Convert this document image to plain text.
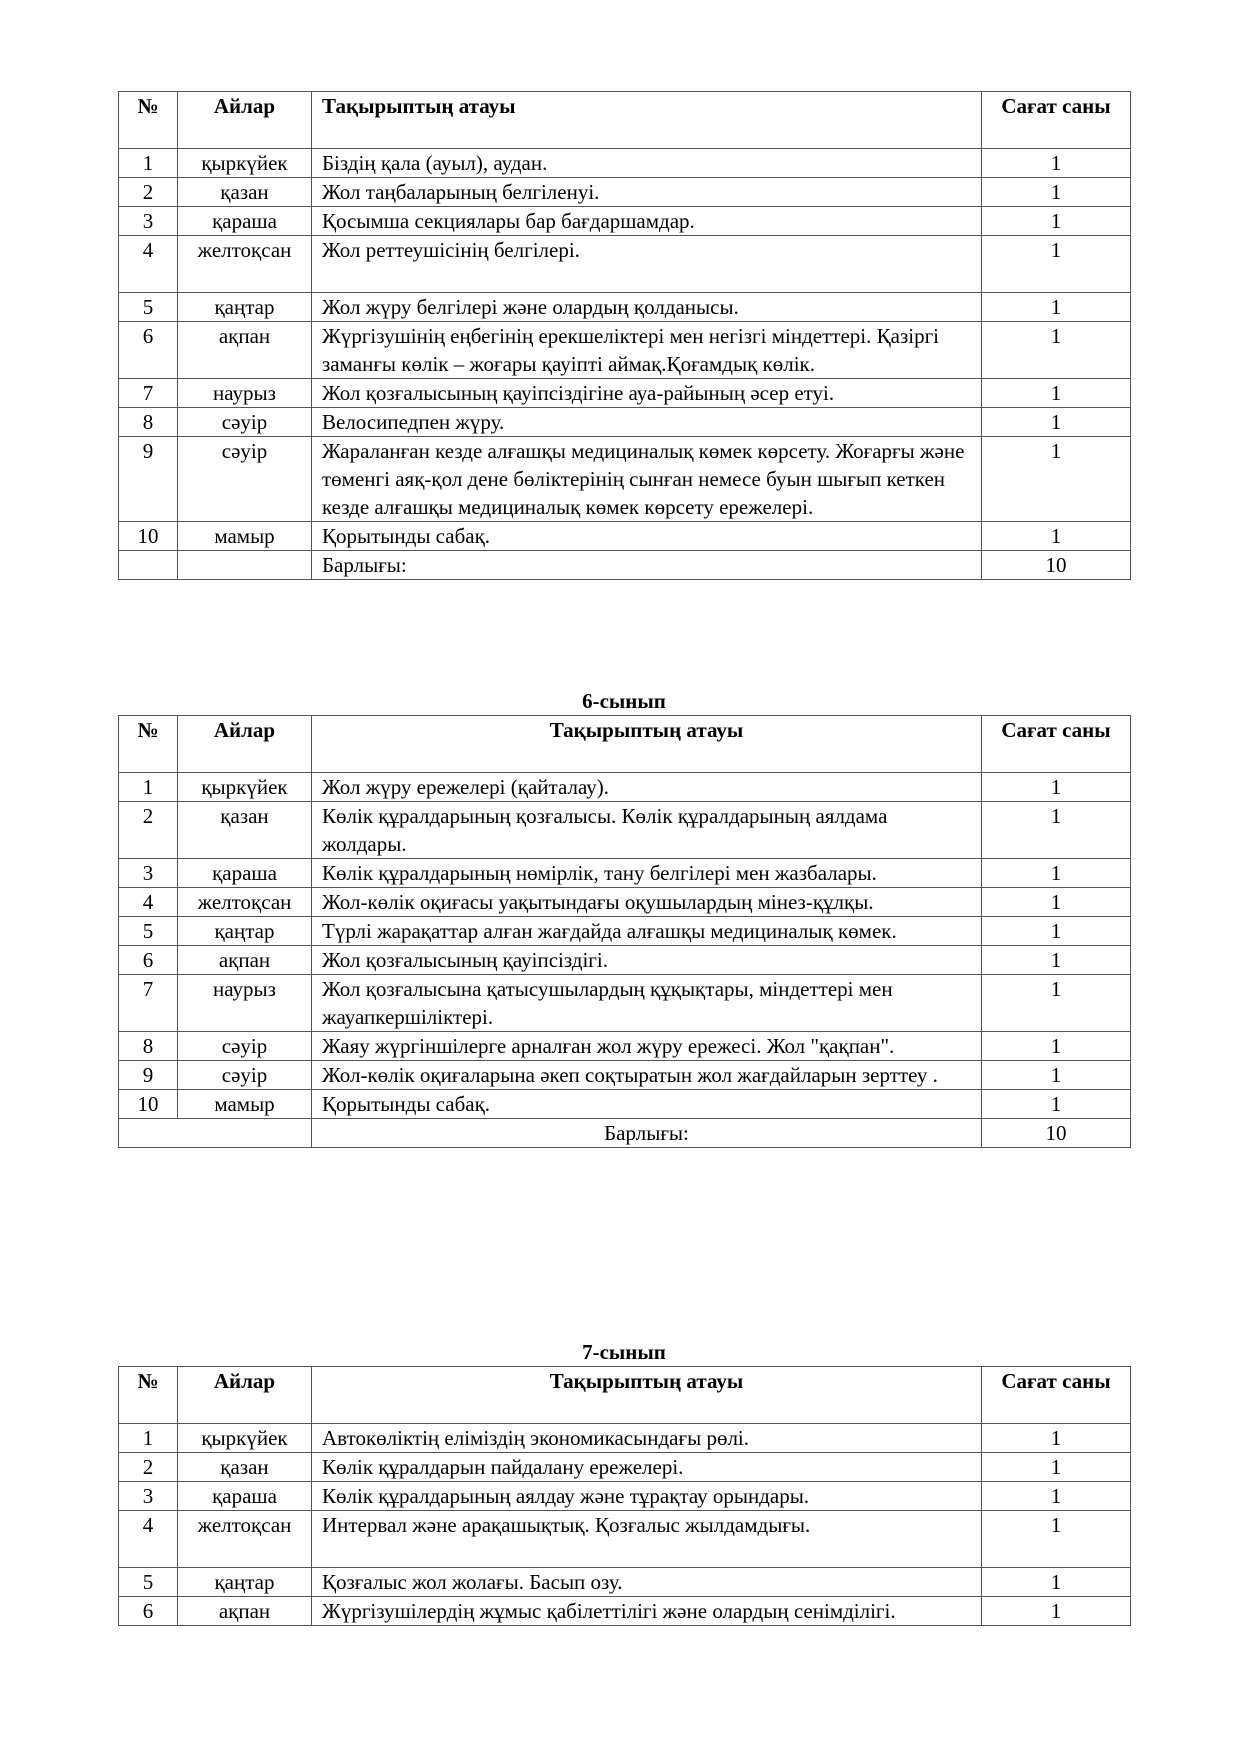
№	Айлар	Тақырыптың атауы	Сағат саны
1	қыркүйек	Біздің қала (ауыл), аудан.	1
2	қазан	Жол таңбаларының белгіленуі.	1
3	қараша	Қосымша секциялары бар бағдаршамдар.	1
4	желтоқсан	Жол реттеушісінің белгілері.	1
5	қаңтар	Жол жүру белгілері және олардың қолданысы.	1
6	ақпан	Жүргізушінің еңбегінің ерекшеліктері мен негізгі міндеттері. Қазіргі заманғы көлік – жоғары қауіпті аймақ.Қоғамдық көлік.	1
7	наурыз	Жол қозғалысының қауіпсіздігіне ауа-райының әсер етуі.	1
8	сәуір	Велосипедпен жүру.	1
9	сәуір	Жараланған кезде алғашқы медициналық көмек көрсету. Жоғарғы және төменгі аяқ-қол дене бөліктерінің сынған немесе буын шығып кеткен кезде алғашқы медициналық көмек көрсету ережелері.	1
10	мамыр	Қорытынды сабақ.	1
		Барлығы:	10
6-сынып
№	Айлар	Тақырыптың атауы	Сағат саны
1	қыркүйек	Жол жүру ережелері (қайталау).	1
2	қазан	Көлік құралдарының қозғалысы. Көлік құралдарының аялдама жолдары.	1
3	қараша	Көлік құралдарының нөмірлік, тану белгілері мен жазбалары.	1
4	желтоқсан	Жол-көлік оқиғасы уақытындағы оқушылардың мінез-құлқы.	1
5	қаңтар	Түрлі жарақаттар алған жағдайда алғашқы медициналық көмек.	1
6	ақпан	Жол қозғалысының қауіпсіздігі.	1
7	наурыз	Жол қозғалысына қатысушылардың құқықтары, міндеттері мен жауапкершіліктері.	1
8	сәуір	Жаяу жүргіншілерге арналған жол жүру ережесі. Жол "қақпан".	1
9	сәуір	Жол-көлік оқиғаларына әкеп соқтыратын жол жағдайларын зерттеу .	1
10	мамыр	Қорытынды сабақ.	1
		Барлығы:	10
7-сынып
№	Айлар	Тақырыптың атауы	Сағат саны
1	қыркүйек	Автокөліктің еліміздің экономикасындағы рөлі.	1
2	қазан	Көлік құралдарын пайдалану ережелері.	1
3	қараша	Көлік құралдарының аялдау және тұрақтау орындары.	1
4	желтоқсан	Интервал және арақашықтық. Қозғалыс жылдамдығы.	1
5	қаңтар	Қозғалыс жол жолағы. Басып озу.	1
6	ақпан	Жүргізушілердің жұмыс қабілеттілігі және олардың сенімділігі.	1
